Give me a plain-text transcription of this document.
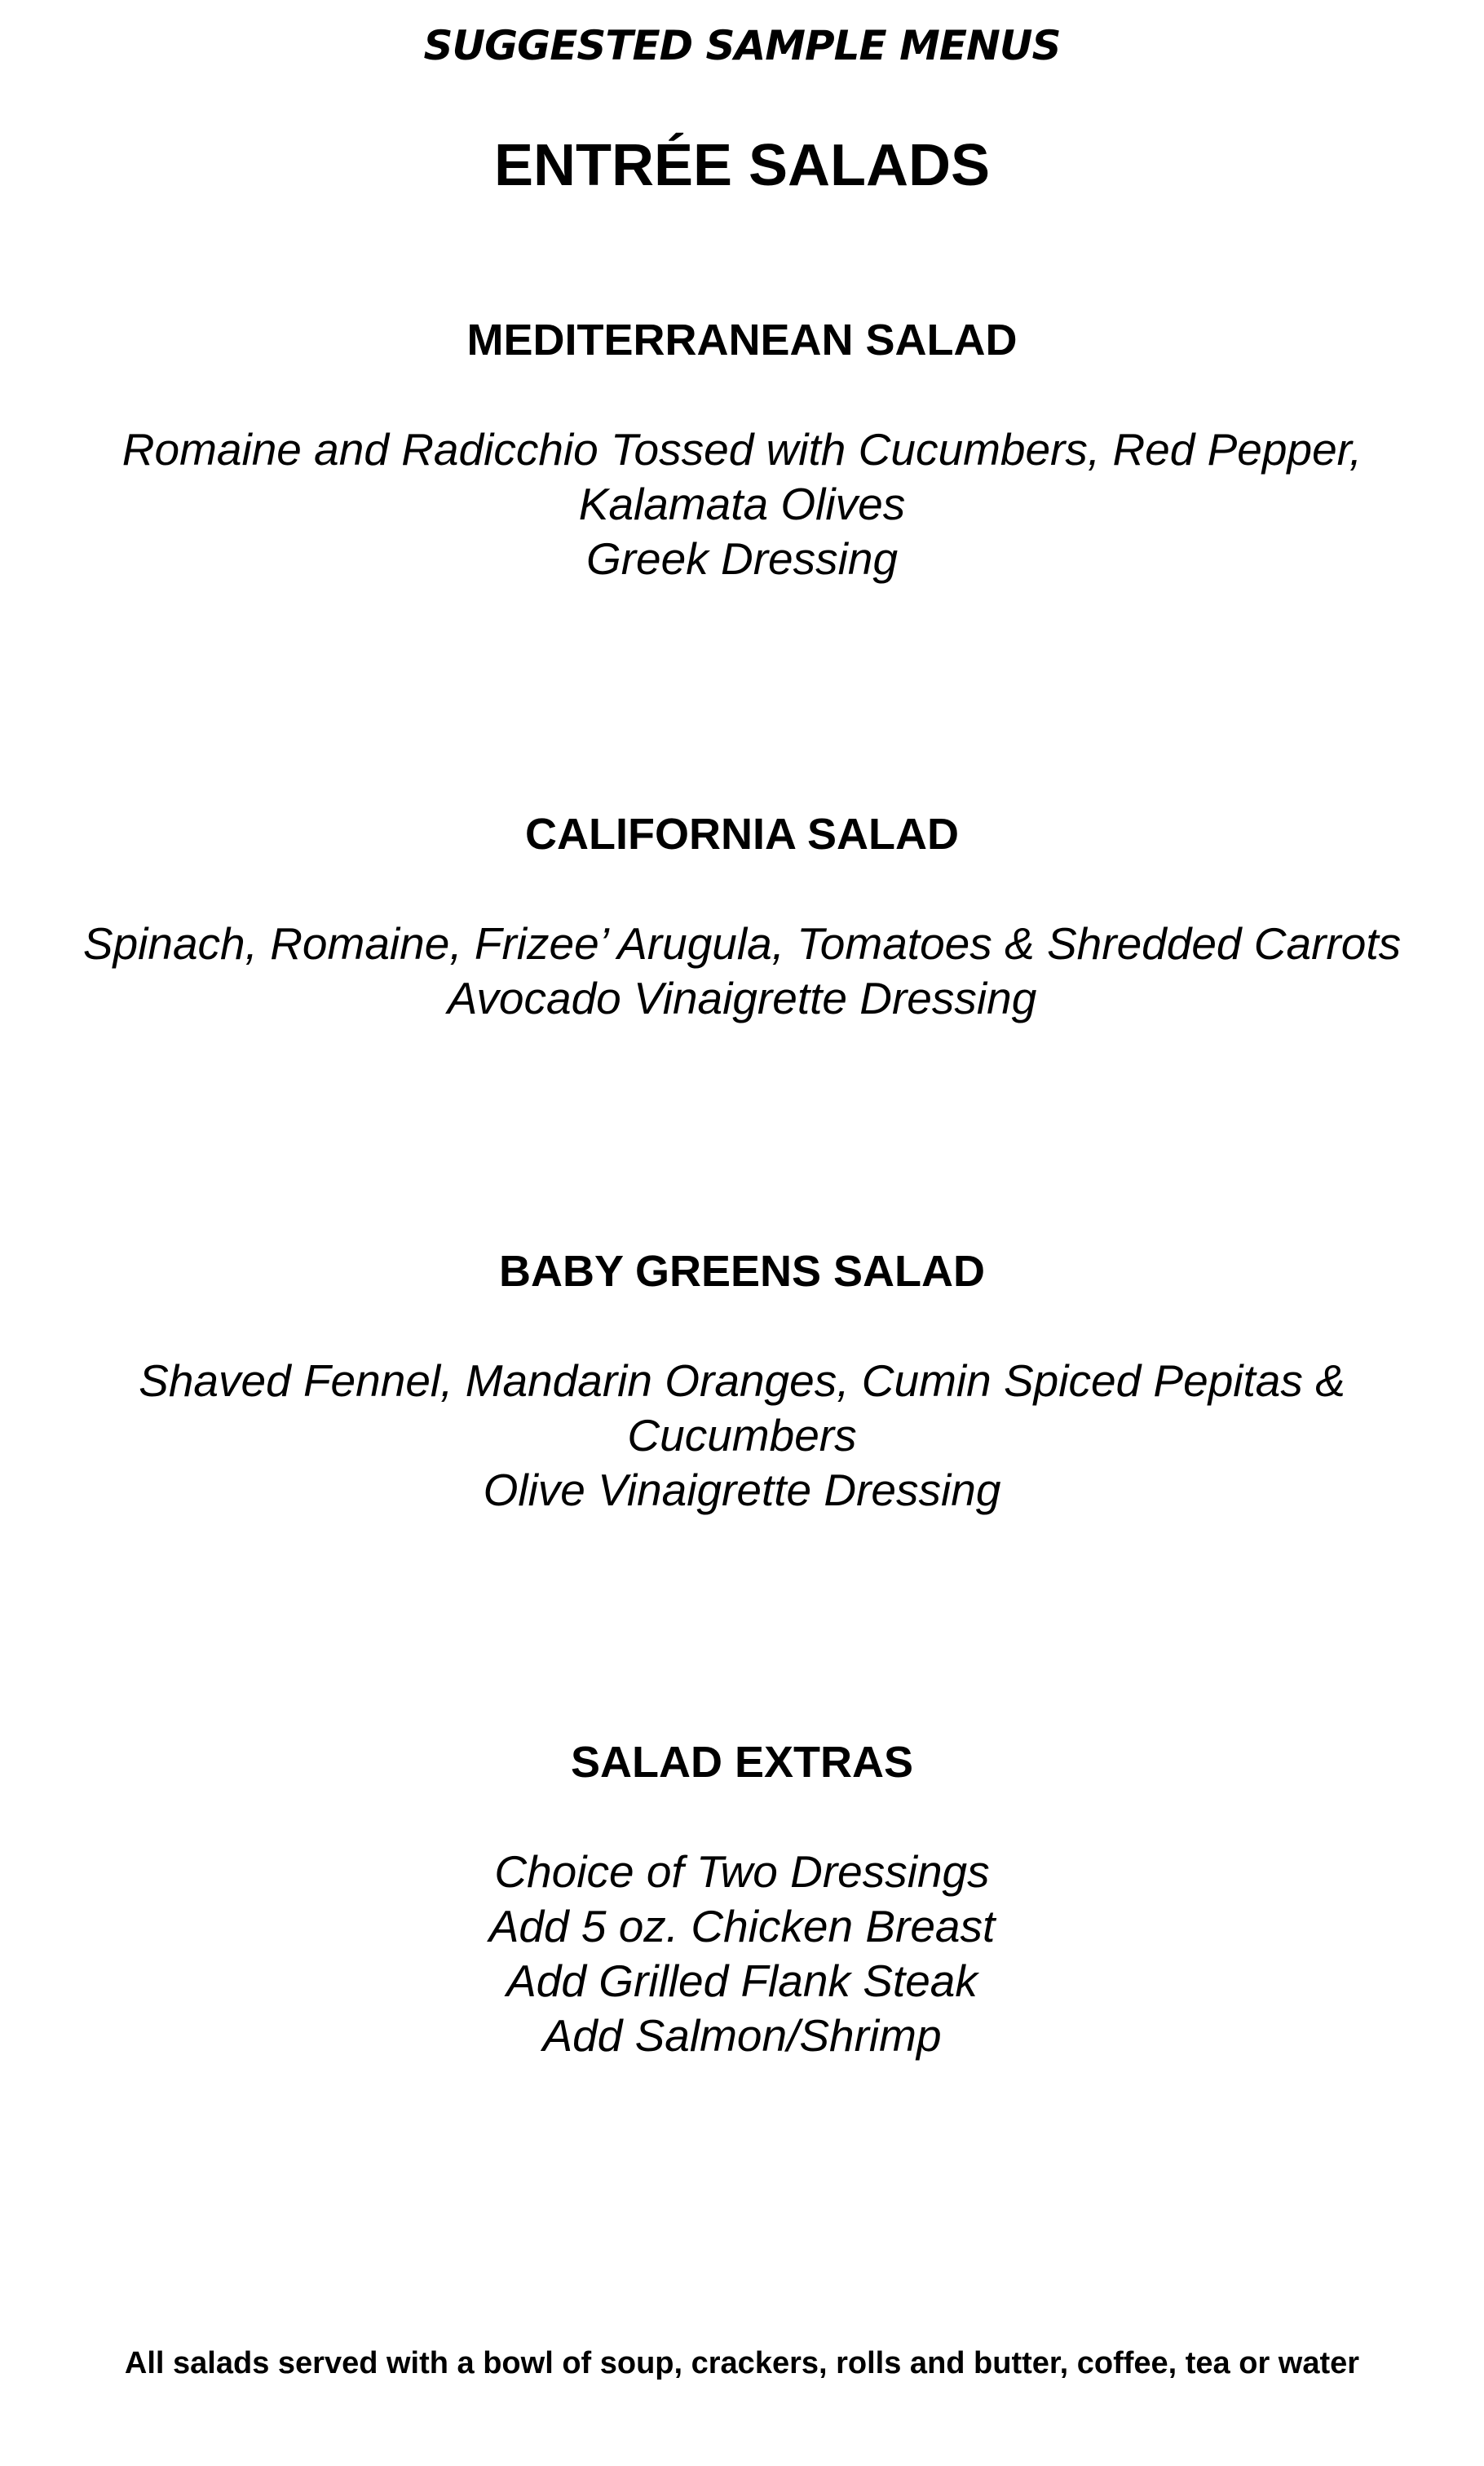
SUGGESTED SAMPLE MENUS
ENTRÉE SALADS
MEDITERRANEAN SALAD
Romaine and Radicchio Tossed with Cucumbers, Red Pepper,
Kalamata Olives
Greek Dressing
CALIFORNIA SALAD
Spinach, Romaine, Frizee’ Arugula, Tomatoes & Shredded Carrots
Avocado Vinaigrette Dressing
BABY GREENS SALAD
Shaved Fennel, Mandarin Oranges, Cumin Spiced Pepitas &
Cucumbers
Olive Vinaigrette Dressing
SALAD EXTRAS
Choice of Two Dressings
Add 5 oz. Chicken Breast
Add Grilled Flank Steak
Add Salmon/Shrimp
All salads served with a bowl of soup, crackers, rolls and butter, coffee, tea or water
